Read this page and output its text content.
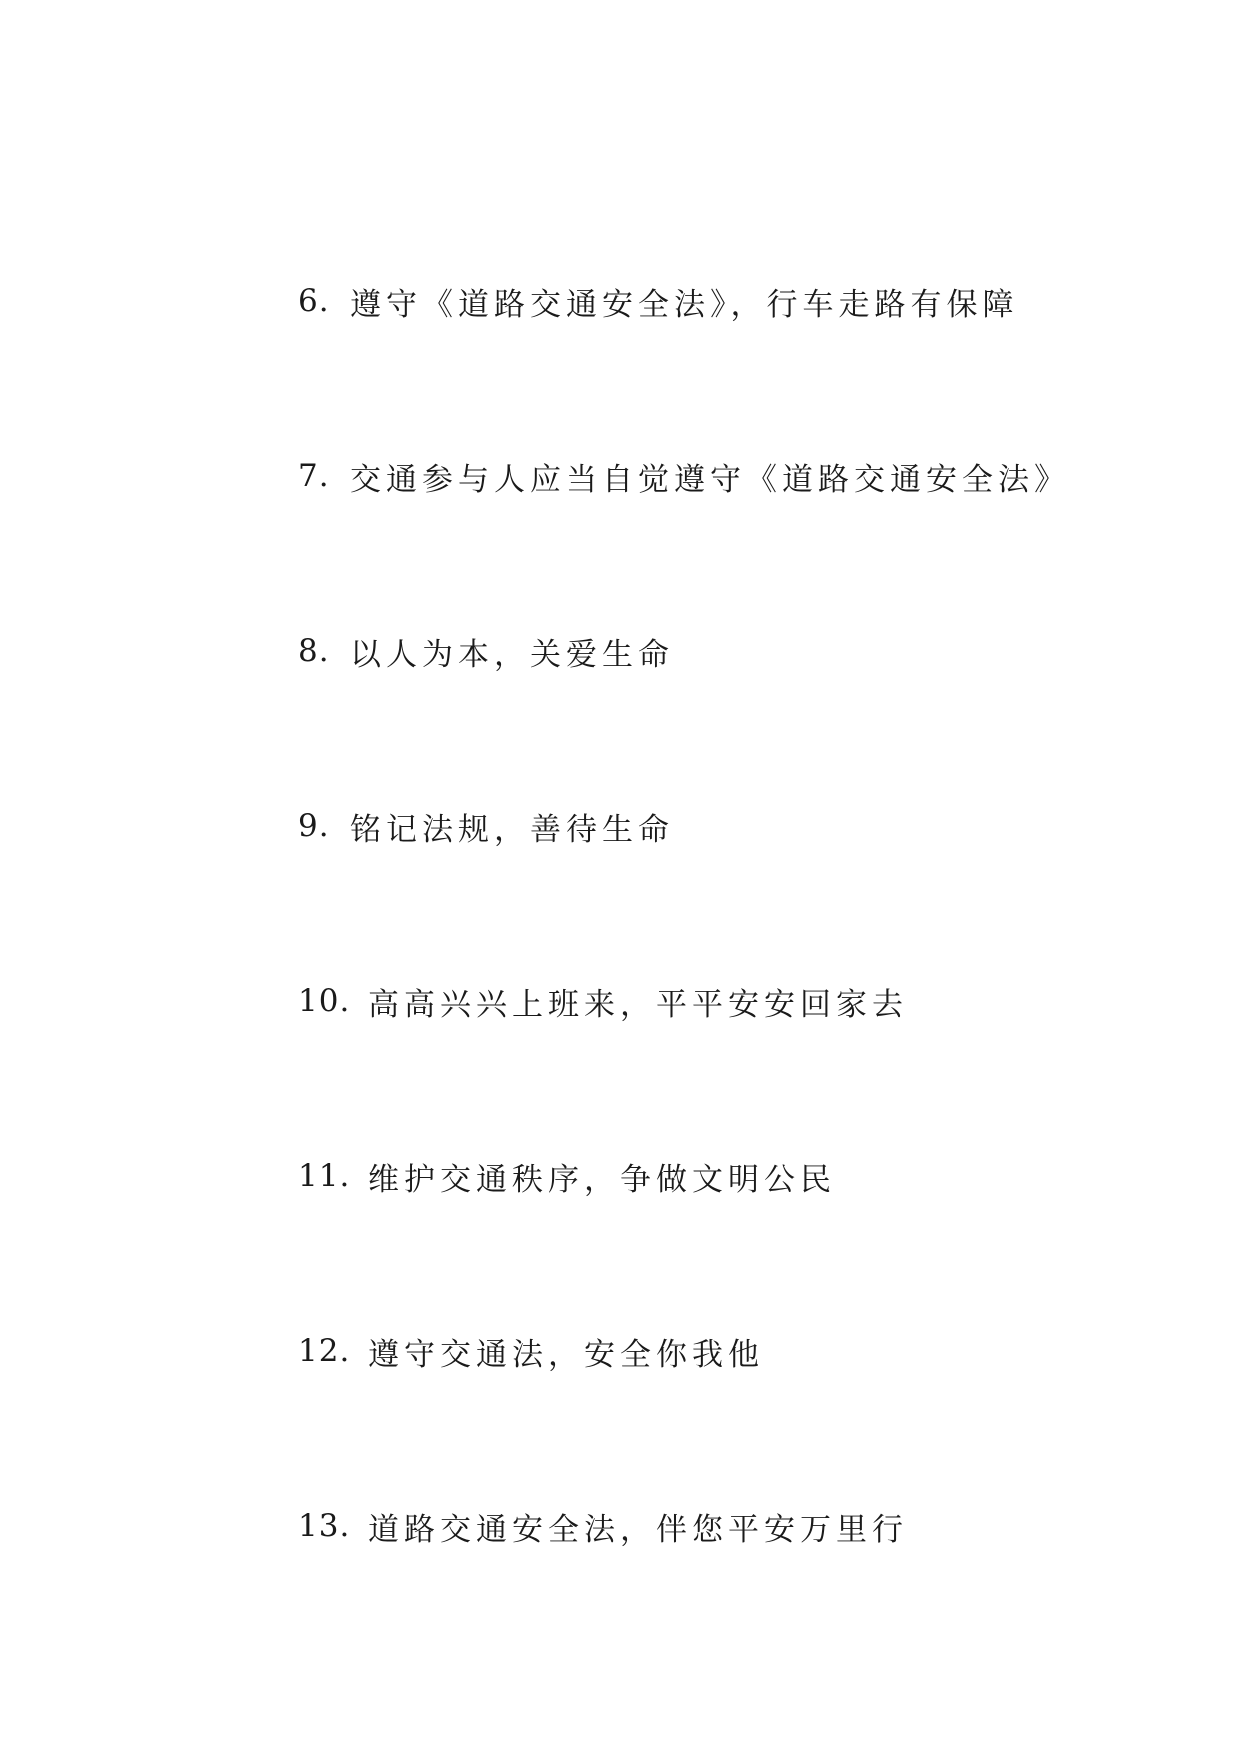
6. 遵守《道路交通安全法》，行车走路有保障
7. 交通参与人应当自觉遵守《道路交通安全法》
8. 以人为本，关爱生命
9. 铭记法规，善待生命
10. 高高兴兴上班来，平平安安回家去
11. 维护交通秩序，争做文明公民
12. 遵守交通法，安全你我他
13. 道路交通安全法，伴您平安万里行
